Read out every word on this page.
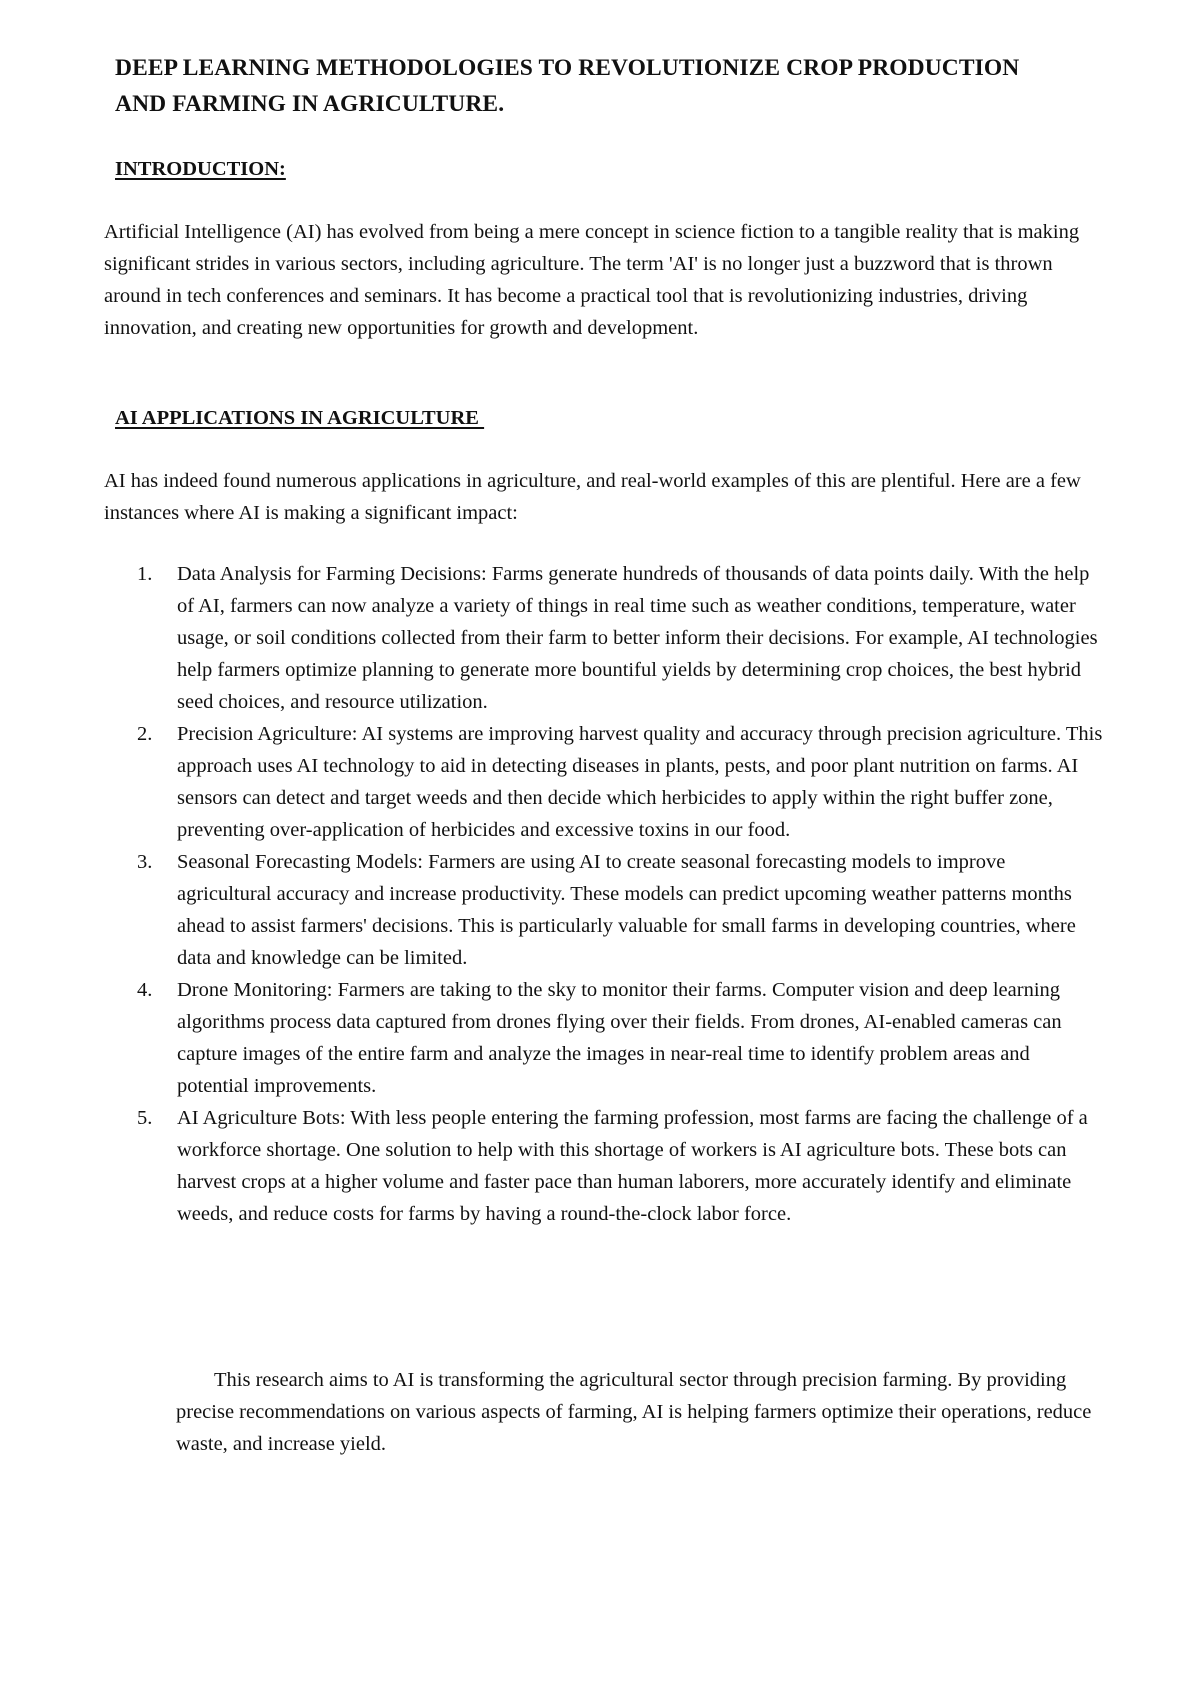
DEEP LEARNING METHODOLOGIES TO REVOLUTIONIZE CROP PRODUCTION AND FARMING IN AGRICULTURE.
INTRODUCTION:

Artificial Intelligence (AI) has evolved from being a mere concept in science fiction to a tangible reality that is making significant strides in various sectors, including agriculture. The term 'AI' is no longer just a buzzword that is thrown around in tech conferences and seminars. It has become a practical tool that is revolutionizing industries, driving innovation, and creating new opportunities for growth and development.

AI APPLICATIONS IN AGRICULTURE

AI has indeed found numerous applications in agriculture, and real-world examples of this are plentiful. Here are a few instances where AI is making a significant impact:

1.	Data Analysis for Farming Decisions: Farms generate hundreds of thousands of data points daily. With the help of AI, farmers can now analyze a variety of things in real time such as weather conditions, temperature, water usage, or soil conditions collected from their farm to better inform their decisions. For example, AI technologies help farmers optimize planning to generate more bountiful yields by determining crop choices, the best hybrid seed choices, and resource utilization.
2.	Precision Agriculture: AI systems are improving harvest quality and accuracy through precision agriculture. This approach uses AI technology to aid in detecting diseases in plants, pests, and poor plant nutrition on farms. AI sensors can detect and target weeds and then decide which herbicides to apply within the right buffer zone, preventing over-application of herbicides and excessive toxins in our food.
3.	Seasonal Forecasting Models: Farmers are using AI to create seasonal forecasting models to improve agricultural accuracy and increase productivity. These models can predict upcoming weather patterns months ahead to assist farmers' decisions. This is particularly valuable for small farms in developing countries, where data and knowledge can be limited.
4.	Drone Monitoring: Farmers are taking to the sky to monitor their farms. Computer vision and deep learning algorithms process data captured from drones flying over their fields. From drones, AI-enabled cameras can capture images of the entire farm and analyze the images in near-real time to identify problem areas and potential improvements.
5.	AI Agriculture Bots: With less people entering the farming profession, most farms are facing the challenge of a workforce shortage. One solution to help with this shortage of workers is AI agriculture bots. These bots can harvest crops at a higher volume and faster pace than human laborers, more accurately identify and eliminate weeds, and reduce costs for farms by having a round-the-clock labor force.

This research aims to AI is transforming the agricultural sector through precision farming. By providing precise recommendations on various aspects of farming, AI is helping farmers optimize their operations, reduce waste, and increase yield.
